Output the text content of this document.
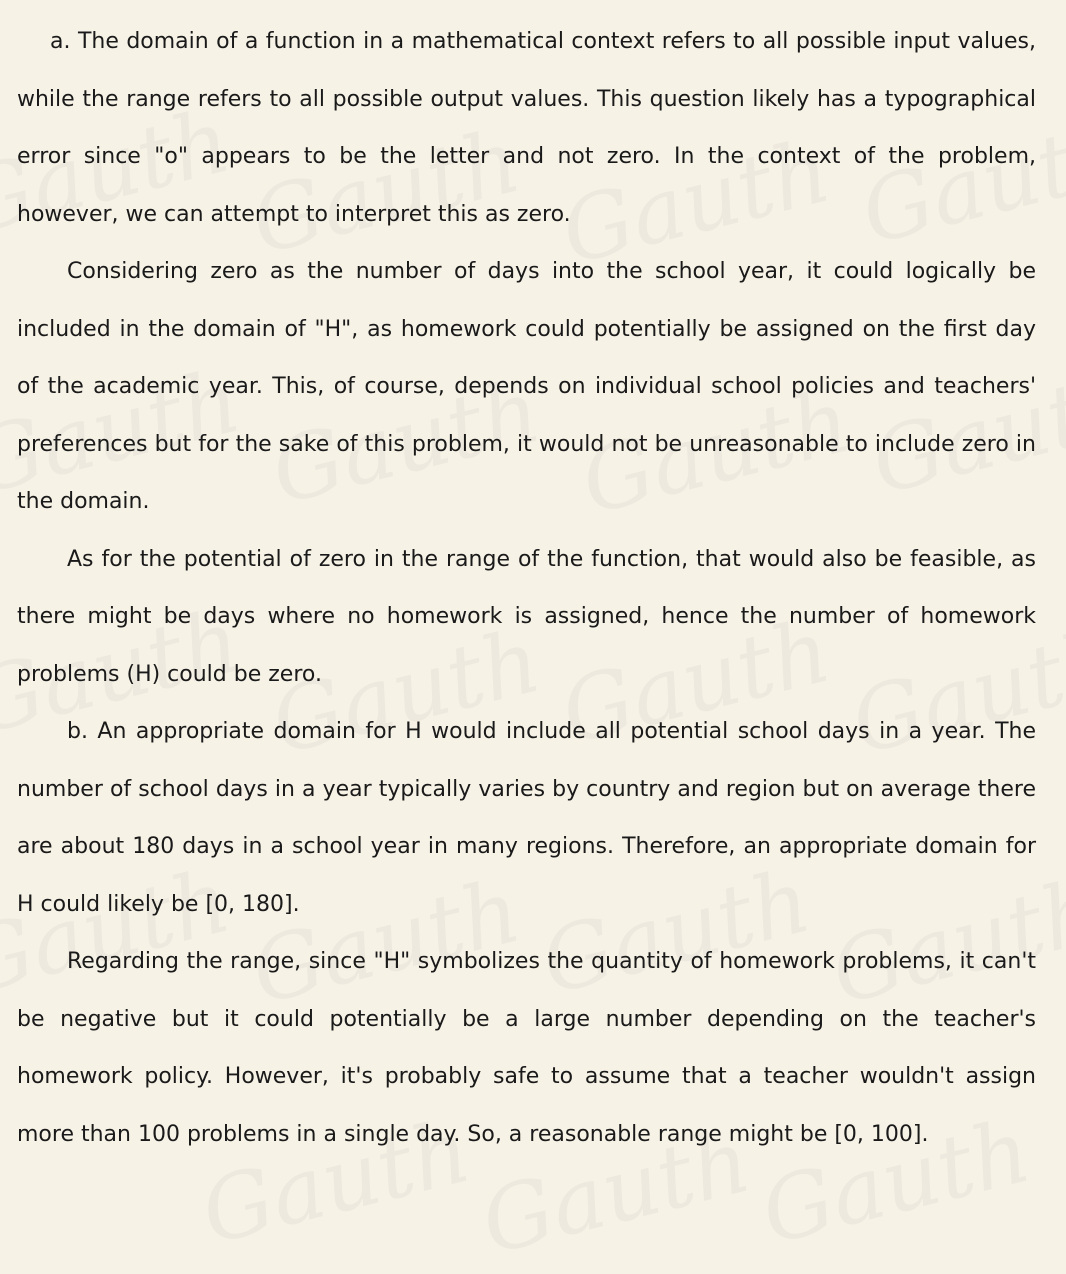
a. The domain of a function in a mathematical context refers to all possible input values, while the range refers to all possible output values. This question likely has a typographical error since "o" appears to be the letter and not zero. In the context of the problem, however, we can attempt to interpret this as zero.

Considering zero as the number of days into the school year, it could logically be included in the domain of "H", as homework could potentially be assigned on the first day of the academic year. This, of course, depends on individual school policies and teachers' preferences but for the sake of this problem, it would not be unreasonable to include zero in the domain.

As for the potential of zero in the range of the function, that would also be feasible, as there might be days where no homework is assigned, hence the number of homework problems (H) could be zero.

b. An appropriate domain for H would include all potential school days in a year. The number of school days in a year typically varies by country and region but on average there are about 180 days in a school year in many regions. Therefore, an appropriate domain for H could likely be [0, 180].

Regarding the range, since "H" symbolizes the quantity of homework problems, it can't be negative but it could potentially be a large number depending on the teacher's homework policy. However, it's probably safe to assume that a teacher wouldn't assign more than 100 problems in a single day. So, a reasonable range might be [0, 100].
